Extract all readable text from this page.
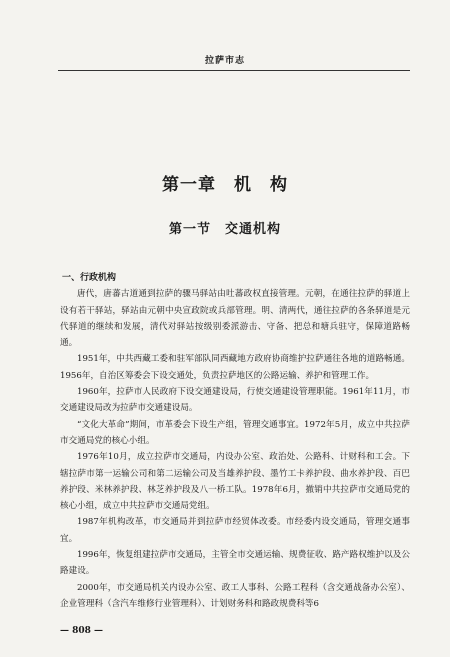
拉萨市志
第一章　机　构
第一节　交通机构

一、行政机构

唐代，唐蕃古道通到拉萨的骤马驿站由吐蕃政权直接管理。元朝，在通往拉萨的驿道上设有若干驿站，驿站由元朝中央宣政院或兵部管理。明、清两代，通往拉萨的各条驿道是元代驿道的继续和发展，清代对驿站按级别委派游击、守备、把总和塘兵驻守，保障道路畅通。

1951年，中共西藏工委和驻军部队同西藏地方政府协商维护拉萨通往各地的道路畅通。1956年，自治区筹委会下设交通处，负责拉萨地区的公路运输、养护和管理工作。

1960年，拉萨市人民政府下设交通建设局，行使交通建设管理职能。1961年11月，市交通建设局改为拉萨市交通建设局。

“文化大革命”期间，市革委会下设生产组，管理交通事宜。1972年5月，成立中共拉萨市交通局党的核心小组。

1976年10月，成立拉萨市交通局，内设办公室、政治处、公路科、计财科和工会。下辖拉萨市第一运输公司和第二运输公司及当雄养护段、墨竹工卡养护段、曲水养护段、百巴养护段、米林养护段、林芝养护段及八一桥工队。1978年6月，撤销中共拉萨市交通局党的核心小组，成立中共拉萨市交通局党组。

1987年机构改革，市交通局并到拉萨市经贸体改委。市经委内设交通局，管理交通事宜。

1996年，恢复组建拉萨市交通局，主管全市交通运输、规费征收、路产路权维护以及公路建设。

2000年，市交通局机关内设办公室、政工人事科、公路工程科（含交通战备办公室）、企业管理科（含汽车维修行业管理科）、计划财务科和路政规费科等6

— 808 —
